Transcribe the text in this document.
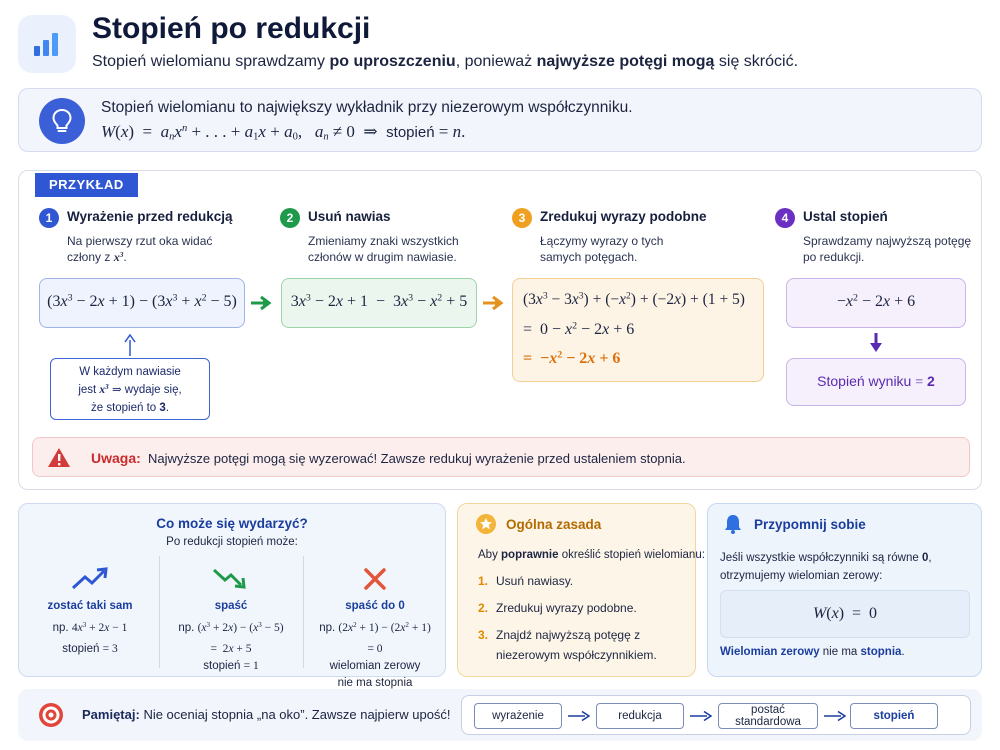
Stopień po redukcji
Stopień wielomianu sprawdzamy po uproszczeniu, ponieważ najwyższe potęgi mogą się skrócić.
Stopień wielomianu to największy wykładnik przy niezerowym współczynniku.
$W(x) = a_nx^n$ + . . . + $a_1x + a_0$,   $a_n \ne 0$  ⇒  stopień = n.
PRZYKŁAD
1	Wyrażenie przed redukcją
Na pierwszy rzut oka widać
człony z $x^3$.
2	Usuń nawias
Zmieniamy znaki wszystkich
członów w drugim nawiasie.
3	Zredukuj wyrazy podobne
Łączymy wyrazy o tych
samych potęgach.
4	Ustal stopień
Sprawdzamy najwyższą potęgę
po redukcji.
$(3x^3 - 2x + 1) - (3x^3 + x^2 - 5)$	$3x^3 - 2x + 1 - 3x^3 - x^2 + 5$	$(3x^3 - 3x^3) + (-x^2) + (-2x) + (1 + 5)$
=  $0 - x^2 - 2x + 6$
=  $-x^2 - 2x + 6$
$-x^2 - 2x + 6$
Stopień wyniku = 2
W każdym nawiasie
jest $x^3$ ⇒ wydaje się,
że stopień to 3.
Uwaga: Najwyższe potęgi mogą się wyzerować! Zawsze redukuj wyrażenie przed ustaleniem stopnia.
Co może się wydarzyć?
Po redukcji stopień może:

zostać taki sam
np. $4x^3 + 2x - 1$
stopień = 3

spaść
np. $(x^3 + 2x) - (x^3 - 5)$
=  2x + 5
stopień = 1

spaść do 0
np. $(2x^2 + 1) - (2x^2 + 1)$
= 0
wielomian zerowy
nie ma stopnia
Ogólna zasada
Aby poprawnie określić stopień wielomianu:
1. Usuń nawiasy.
2. Zredukuj wyrazy podobne.
3. Znajdź najwyższą potęgę z
niezerowym współczynnikiem.
Przypomnij sobie
Jeśli wszystkie współczynniki są równe 0,
otrzymujemy wielomian zerowy:
W(x)  =  0
Wielomian zerowy nie ma stopnia.
Pamiętaj: Nie oceniaj stopnia „na oko”. Zawsze najpierw upość!	wyrażenie	redukcja	postać standardowa	stopień
